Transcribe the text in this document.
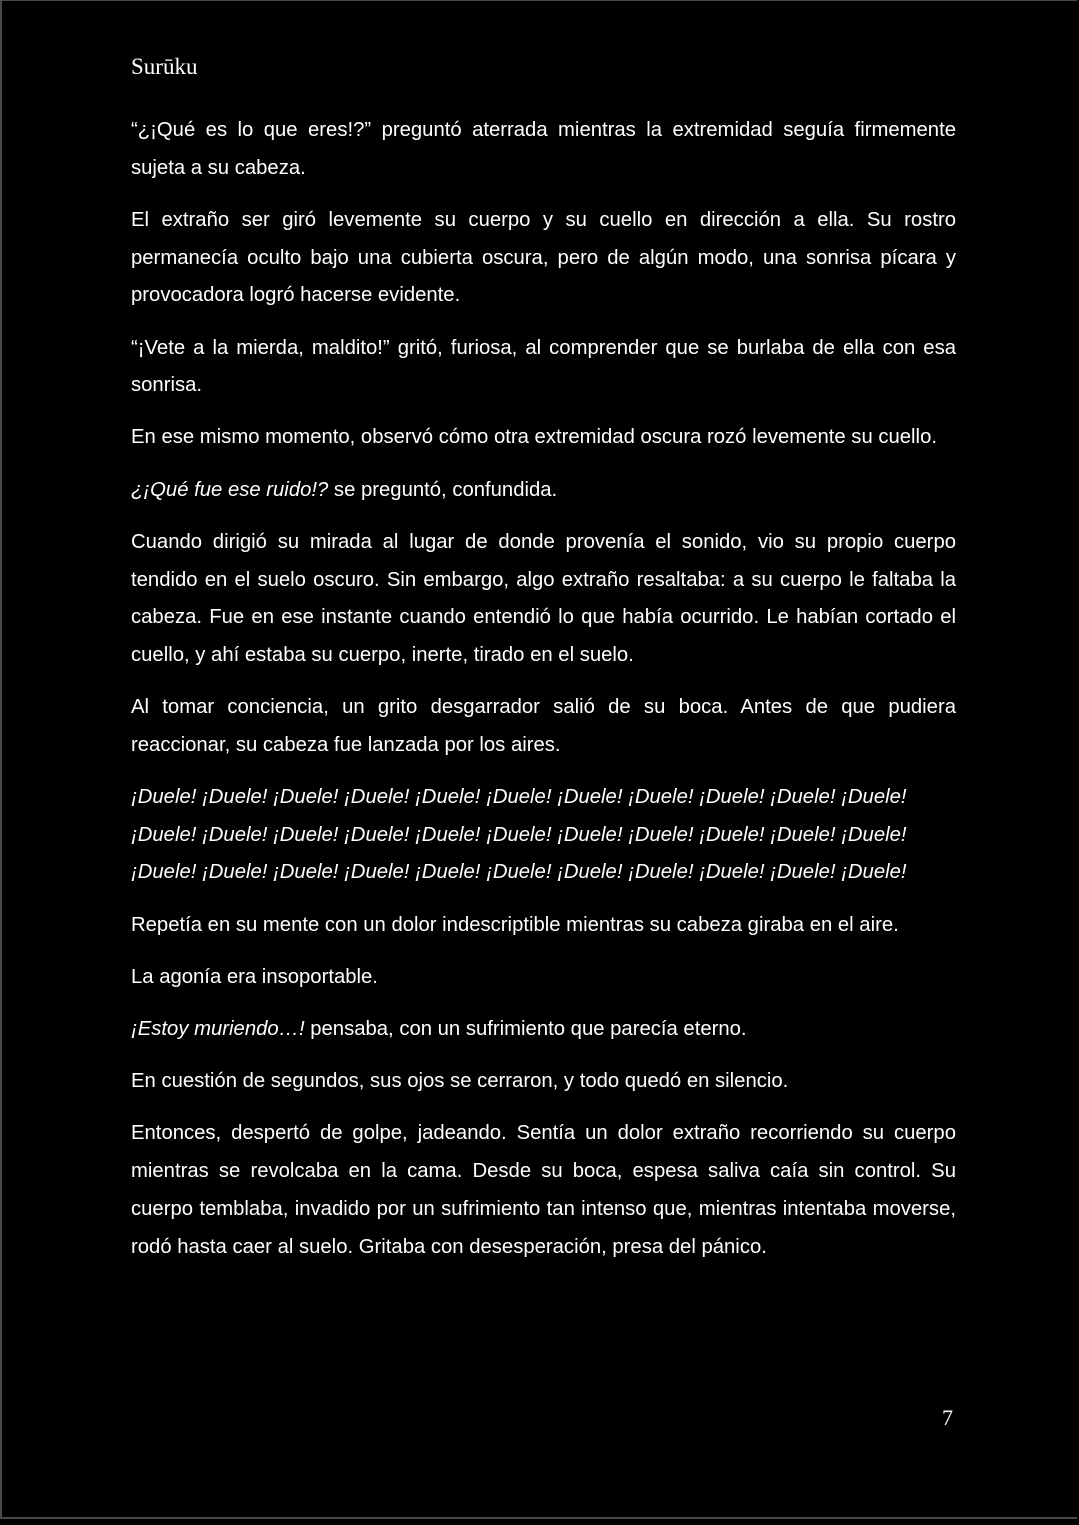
Surūku

“¿¡Qué es lo que eres!?” preguntó aterrada mientras la extremidad seguía firmemente sujeta a su cabeza.

El extraño ser giró levemente su cuerpo y su cuello en dirección a ella. Su rostro permanecía oculto bajo una cubierta oscura, pero de algún modo, una sonrisa pícara y provocadora logró hacerse evidente.

“¡Vete a la mierda, maldito!” gritó, furiosa, al comprender que se burlaba de ella con esa sonrisa.

En ese mismo momento, observó cómo otra extremidad oscura rozó levemente su cuello.

¿¡Qué fue ese ruido!? se preguntó, confundida.

Cuando dirigió su mirada al lugar de donde provenía el sonido, vio su propio cuerpo tendido en el suelo oscuro. Sin embargo, algo extraño resaltaba: a su cuerpo le faltaba la cabeza. Fue en ese instante cuando entendió lo que había ocurrido. Le habían cortado el cuello, y ahí estaba su cuerpo, inerte, tirado en el suelo.

Al tomar conciencia, un grito desgarrador salió de su boca. Antes de que pudiera reaccionar, su cabeza fue lanzada por los aires.

¡Duele! ¡Duele! ¡Duele! ¡Duele! ¡Duele! ¡Duele! ¡Duele! ¡Duele! ¡Duele! ¡Duele! ¡Duele!
¡Duele! ¡Duele! ¡Duele! ¡Duele! ¡Duele! ¡Duele! ¡Duele! ¡Duele! ¡Duele! ¡Duele! ¡Duele!
¡Duele! ¡Duele! ¡Duele! ¡Duele! ¡Duele! ¡Duele! ¡Duele! ¡Duele! ¡Duele! ¡Duele! ¡Duele!

Repetía en su mente con un dolor indescriptible mientras su cabeza giraba en el aire.

La agonía era insoportable.

¡Estoy muriendo…! pensaba, con un sufrimiento que parecía eterno.

En cuestión de segundos, sus ojos se cerraron, y todo quedó en silencio.

Entonces, despertó de golpe, jadeando. Sentía un dolor extraño recorriendo su cuerpo mientras se revolcaba en la cama. Desde su boca, espesa saliva caía sin control. Su cuerpo temblaba, invadido por un sufrimiento tan intenso que, mientras intentaba moverse, rodó hasta caer al suelo. Gritaba con desesperación, presa del pánico.

7
